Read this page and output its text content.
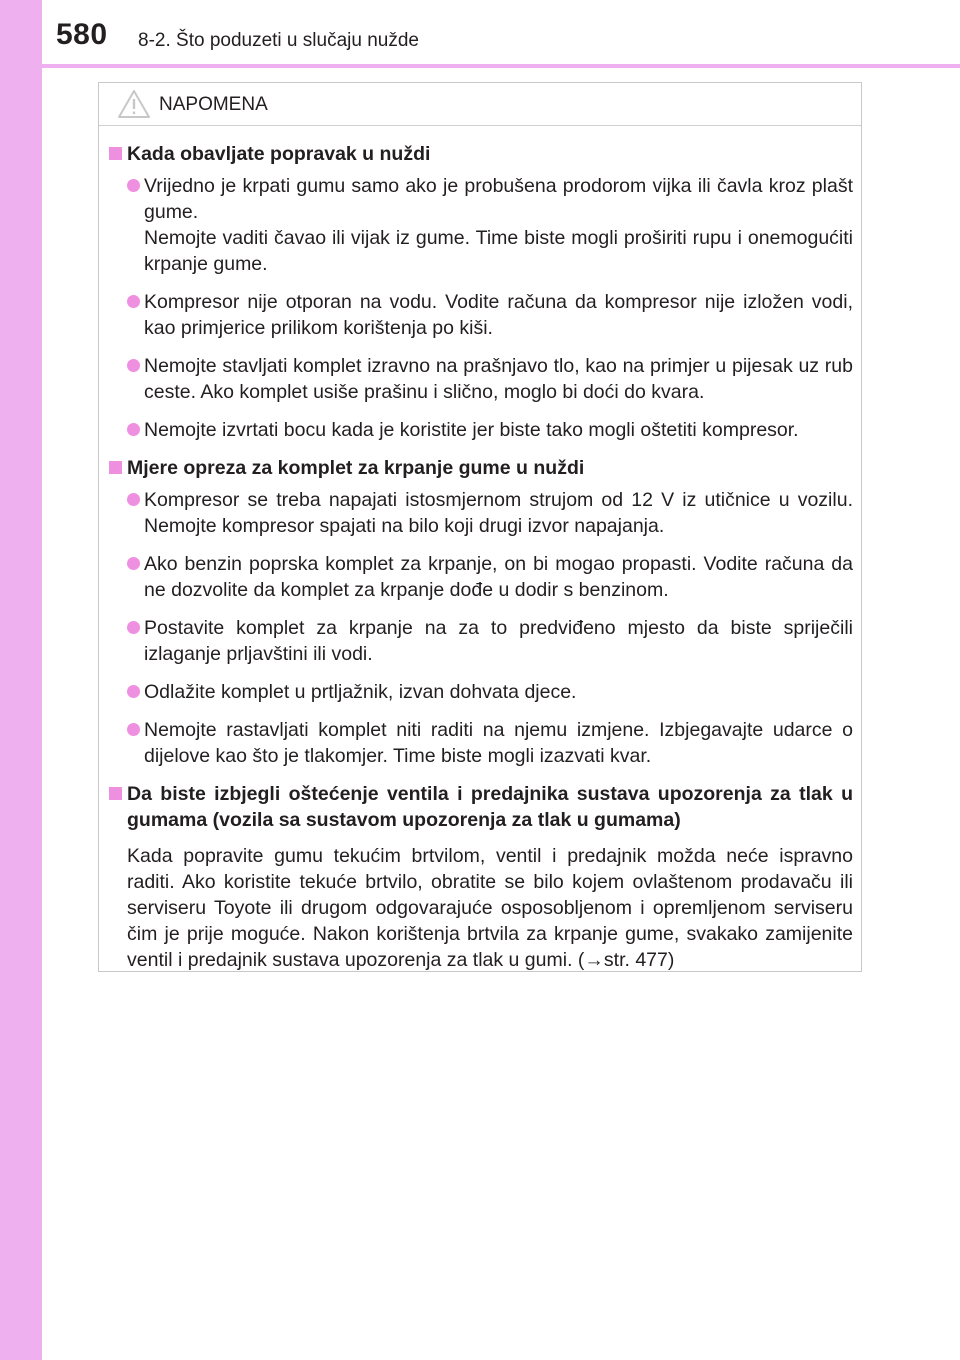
580 8-2. Što poduzeti u slučaju nužde
NAPOMENA
Kada obavljate popravak u nuždi

Vrijedno je krpati gumu samo ako je probušena prodorom vijka ili čavla kroz plašt gume.

Nemojte vaditi čavao ili vijak iz gume. Time biste mogli proširiti rupu i onemogućiti krpanje gume.

Kompresor nije otporan na vodu. Vodite računa da kompresor nije izložen vodi, kao primjerice prilikom korištenja po kiši.

Nemojte stavljati komplet izravno na prašnjavo tlo, kao na primjer u pijesak uz rub ceste. Ako komplet usiše prašinu i slično, moglo bi doći do kvara.

Nemojte izvrtati bocu kada je koristite jer biste tako mogli oštetiti kompresor.

Mjere opreza za komplet za krpanje gume u nuždi

Kompresor se treba napajati istosmjernom strujom od 12 V iz utičnice u vozilu. Nemojte kompresor spajati na bilo koji drugi izvor napajanja.

Ako benzin poprska komplet za krpanje, on bi mogao propasti. Vodite računa da ne dozvolite da komplet za krpanje dođe u dodir s benzinom.

Postavite komplet za krpanje na za to predviđeno mjesto da biste spriječili izlaganje prljavštini ili vodi.

Odlažite komplet u prtljažnik, izvan dohvata djece.

Nemojte rastavljati komplet niti raditi na njemu izmjene. Izbjegavajte udarce o dijelove kao što je tlakomjer. Time biste mogli izazvati kvar.

Da biste izbjegli oštećenje ventila i predajnika sustava upozorenja za tlak u gumama (vozila sa sustavom upozorenja za tlak u gumama)

Kada popravite gumu tekućim brtvilom, ventil i predajnik možda neće ispravno raditi. Ako koristite tekuće brtvilo, obratite se bilo kojem ovlaštenom prodavaču ili serviseru Toyote ili drugom odgovarajuće osposobljenom i opremljenom serviseru čim je prije moguće. Nakon korištenja brtvila za krpanje gume, svakako zamijenite ventil i predajnik sustava upozorenja za tlak u gumi. (→str. 477)
